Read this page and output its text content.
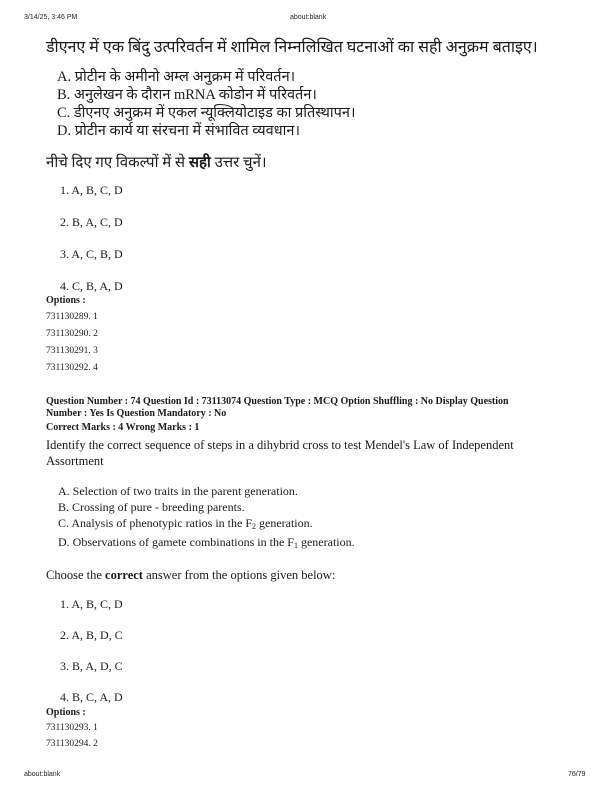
3/14/25, 3:46 PM	about:blank
डीएनए में एक बिंदु उत्परिवर्तन में शामिल निम्नलिखित घटनाओं का सही अनुक्रम बताइए।
A. प्रोटीन के अमीनो अम्ल अनुक्रम में परिवर्तन।
B. अनुलेखन के दौरान mRNA कोडोन में परिवर्तन।
C. डीएनए अनुक्रम में एकल न्यूक्लियोटाइड का प्रतिस्थापन।
D. प्रोटीन कार्य या संरचना में संभावित व्यवधान।
नीचे दिए गए विकल्पों में से सही उत्तर चुनें।
1. A, B, C, D
2. B, A, C, D
3. A, C, B, D
4. C, B, A, D
Options :
731130289. 1
731130290. 2
731130291. 3
731130292. 4
Question Number : 74 Question Id : 73113074 Question Type : MCQ Option Shuffling : No Display Question
Number : Yes Is Question Mandatory : No
Correct Marks : 4 Wrong Marks : 1
Identify the correct sequence of steps in a dihybrid cross to test Mendel's Law of Independent
Assortment
A. Selection of two traits in the parent generation.
B. Crossing of pure - breeding parents.
C. Analysis of phenotypic ratios in the $F_2$ generation.
D. Observations of gamete combinations in the $F_1$ generation.
Choose the correct answer from the options given below:
1. A, B, C, D
2. A, B, D, C
3. B, A, D, C
4. B, C, A, D
Options :
731130293. 1
731130294. 2
about:blank	76/79
